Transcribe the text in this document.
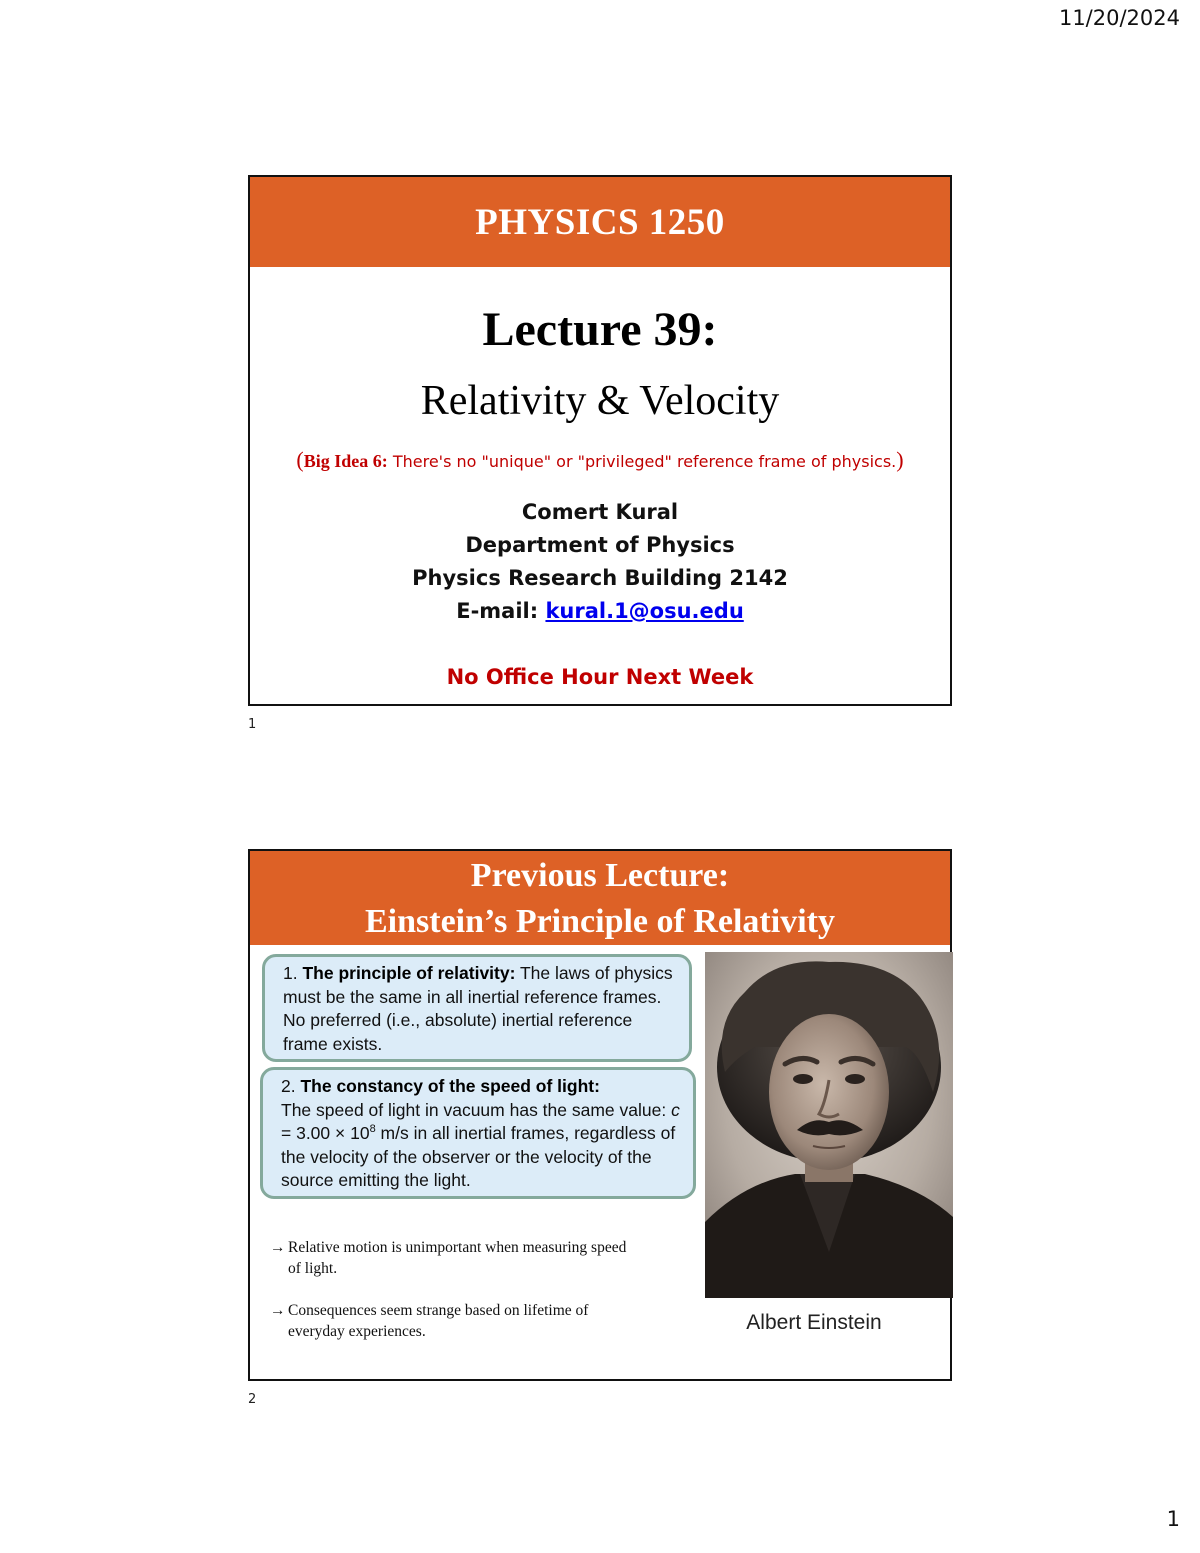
11/20/2024
PHYSICS 1250
Lecture 39:
Relativity & Velocity
(Big Idea 6: There's no "unique" or "privileged" reference frame of physics.)
Comert Kural
Department of Physics
Physics Research Building 2142
E-mail: kural.1@osu.edu
No Office Hour Next Week
1
Previous Lecture:
Einstein’s Principle of Relativity
1. The principle of relativity: The laws of physics must be the same in all inertial reference frames. No preferred (i.e., absolute) inertial reference frame exists.
2. The constancy of the speed of light:
The speed of light in vacuum has the same value: $c = 3.00 \times 10^8$ m/s in all inertial frames, regardless of the velocity of the observer or the velocity of the source emitting the light.
→ Relative motion is unimportant when measuring speed
of light.
→ Consequences seem strange based on lifetime of
everyday experiences.	Albert Einstein
2
1
